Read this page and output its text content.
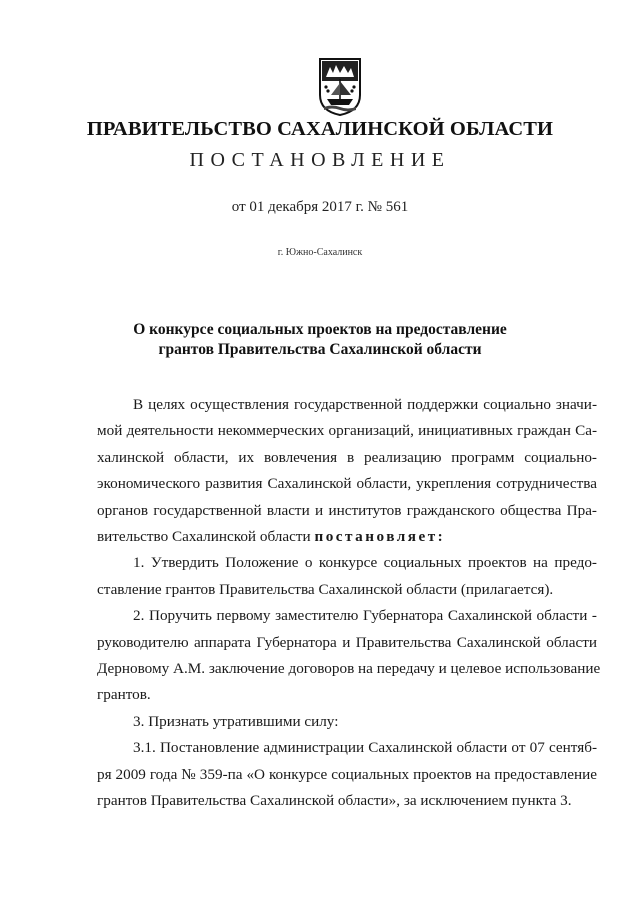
ПРАВИТЕЛЬСТВО САХАЛИНСКОЙ ОБЛАСТИ
ПОСТАНОВЛЕНИЕ
от 01 декабря 2017 г. № 561
г. Южно-Сахалинск
О конкурсе социальных проектов на предоставление
грантов Правительства Сахалинской области
В целях осуществления государственной поддержки социально значи-
мой деятельности некоммерческих организаций, инициативных граждан Са-
халинской области, их вовлечения в реализацию программ социально-
экономического развития Сахалинской области, укрепления сотрудничества
органов государственной власти и институтов гражданского общества Пра-
вительство Сахалинской области постановляет:
1. Утвердить Положение о конкурсе социальных проектов на предо-
ставление грантов Правительства Сахалинской области (прилагается).
2. Поручить первому заместителю Губернатора Сахалинской области -
руководителю аппарата Губернатора и Правительства Сахалинской области
Дерновому А.М. заключение договоров на передачу и целевое использование
грантов.
3. Признать утратившими силу:
3.1. Постановление администрации Сахалинской области от 07 сентяб-
ря 2009 года № 359-па «О конкурсе социальных проектов на предоставление
грантов Правительства Сахалинской области», за исключением пункта 3.
